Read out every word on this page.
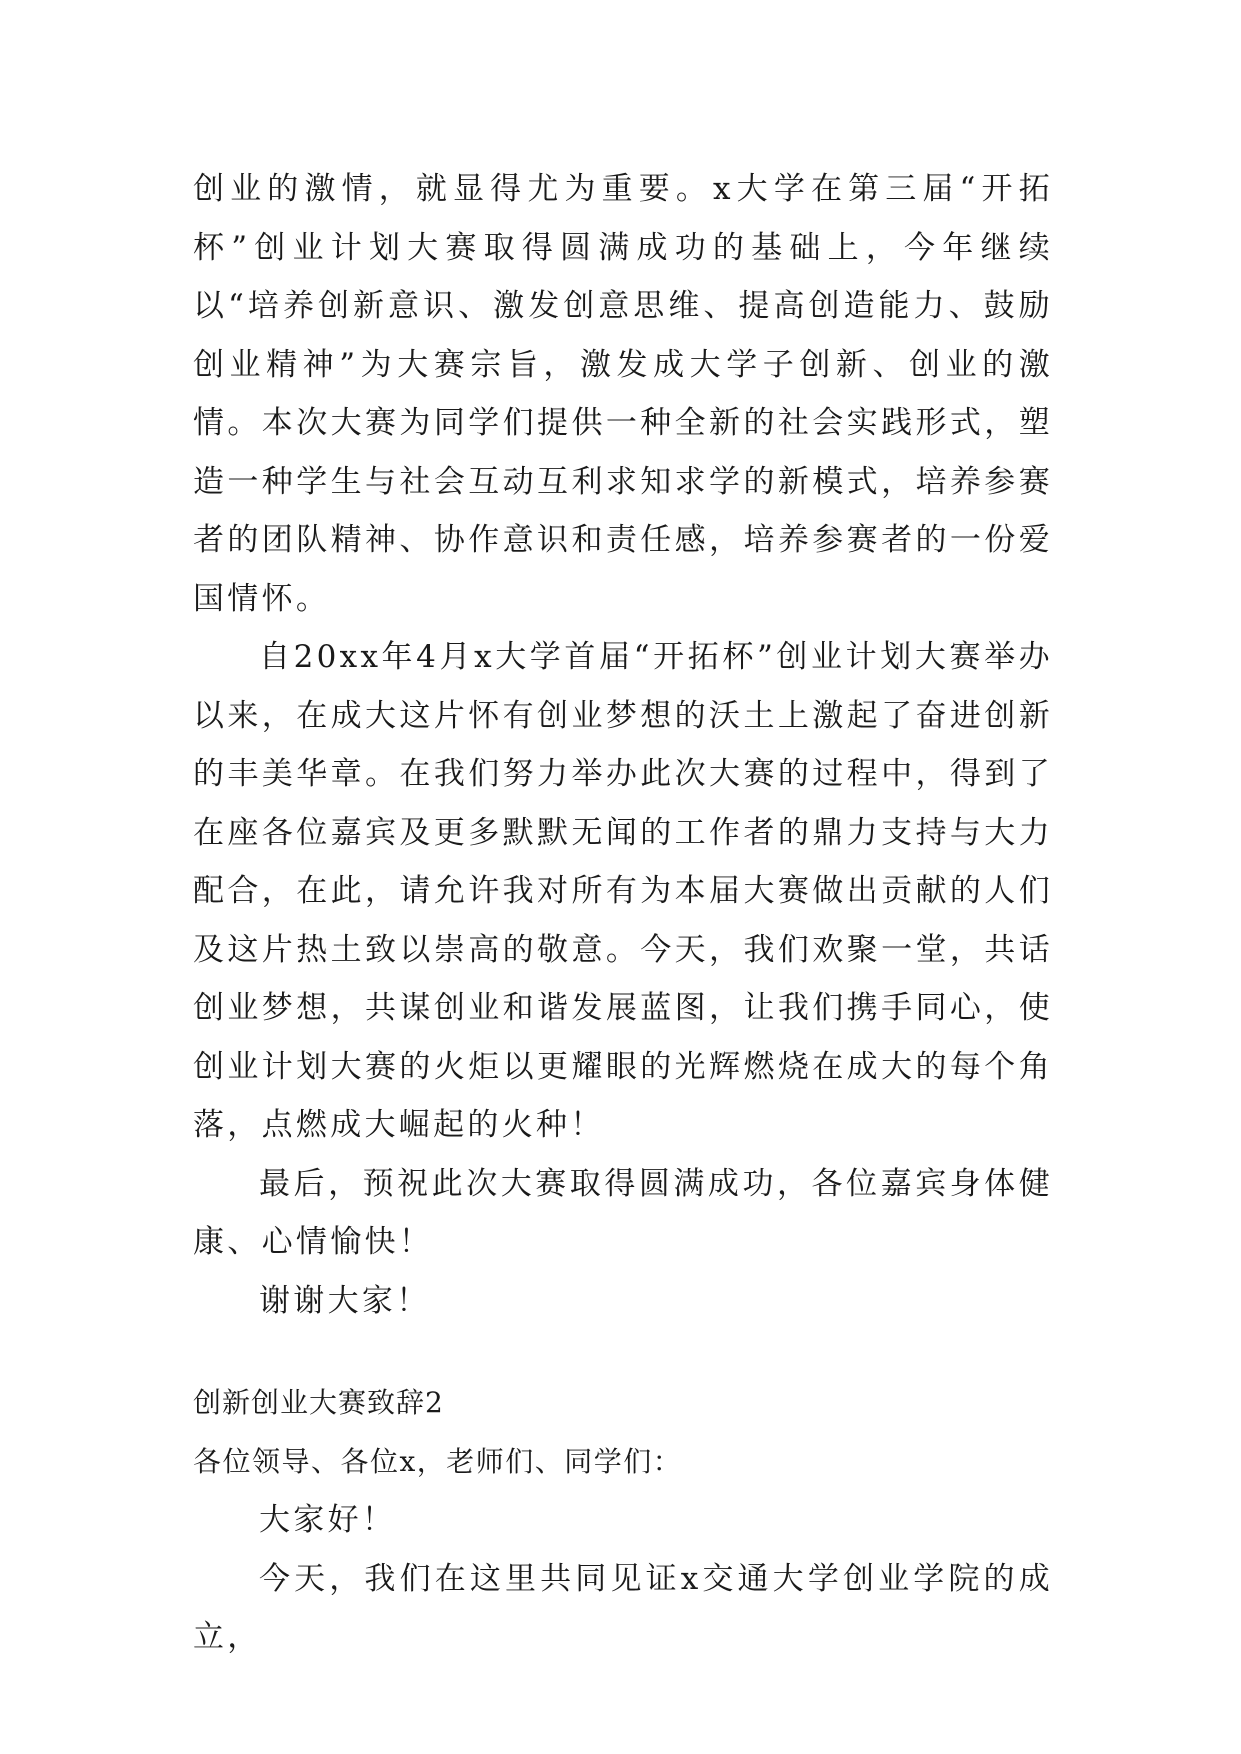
创业的激情，就显得尤为重要。x大学在第三届“开拓杯”创业计划大赛取得圆满成功的基础上，今年继续以“培养创新意识、激发创意思维、提高创造能力、鼓励创业精神”为大赛宗旨，激发成大学子创新、创业的激情。本次大赛为同学们提供一种全新的社会实践形式，塑造一种学生与社会互动互利求知求学的新模式，培养参赛者的团队精神、协作意识和责任感，培养参赛者的一份爱国情怀。

自20xx年4月x大学首届“开拓杯”创业计划大赛举办以来，在成大这片怀有创业梦想的沃土上激起了奋进创新的丰美华章。在我们努力举办此次大赛的过程中，得到了在座各位嘉宾及更多默默无闻的工作者的鼎力支持与大力配合，在此，请允许我对所有为本届大赛做出贡献的人们及这片热土致以崇高的敬意。今天，我们欢聚一堂，共话创业梦想，共谋创业和谐发展蓝图，让我们携手同心，使创业计划大赛的火炬以更耀眼的光辉燃烧在成大的每个角落，点燃成大崛起的火种！

最后，预祝此次大赛取得圆满成功，各位嘉宾身体健康、心情愉快！

谢谢大家！

创新创业大赛致辞2

各位领导、各位x，老师们、同学们：

大家好！

今天，我们在这里共同见证x交通大学创业学院的成立，
